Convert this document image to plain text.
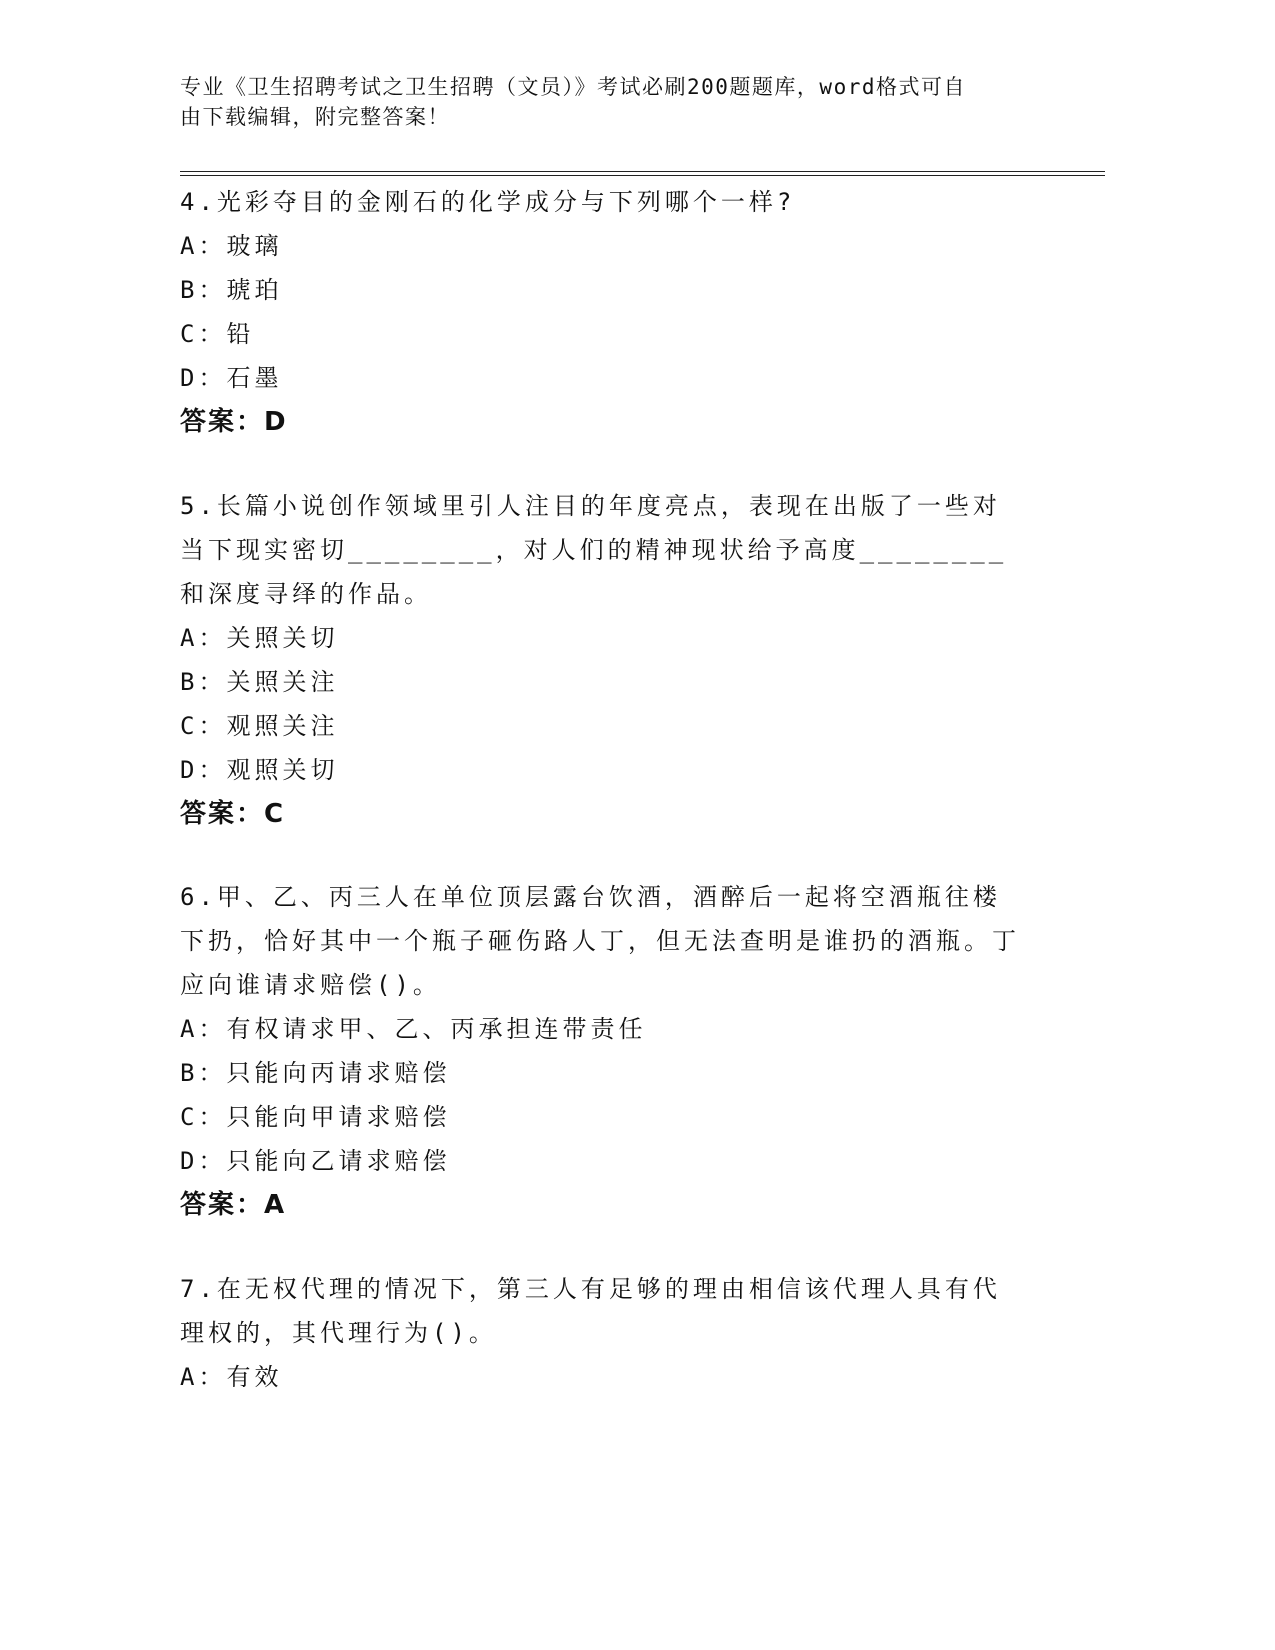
专业《卫生招聘考试之卫生招聘（文员）》考试必刷200题题库，word格式可自
由下载编辑，附完整答案！
4.光彩夺目的金刚石的化学成分与下列哪个一样?
A：玻璃
B：琥珀
C：铅
D：石墨
答案：D
5.长篇小说创作领域里引人注目的年度亮点，表现在出版了一些对当下现实密切________，对人们的精神现状给予高度________和深度寻绎的作品。
A：关照关切
B：关照关注
C：观照关注
D：观照关切
答案：C
6.甲、乙、丙三人在单位顶层露台饮酒，酒醉后一起将空酒瓶往楼下扔，恰好其中一个瓶子砸伤路人丁，但无法查明是谁扔的酒瓶。丁应向谁请求赔偿()。
A：有权请求甲、乙、丙承担连带责任
B：只能向丙请求赔偿
C：只能向甲请求赔偿
D：只能向乙请求赔偿
答案：A
7.在无权代理的情况下，第三人有足够的理由相信该代理人具有代理权的，其代理行为()。
A：有效
